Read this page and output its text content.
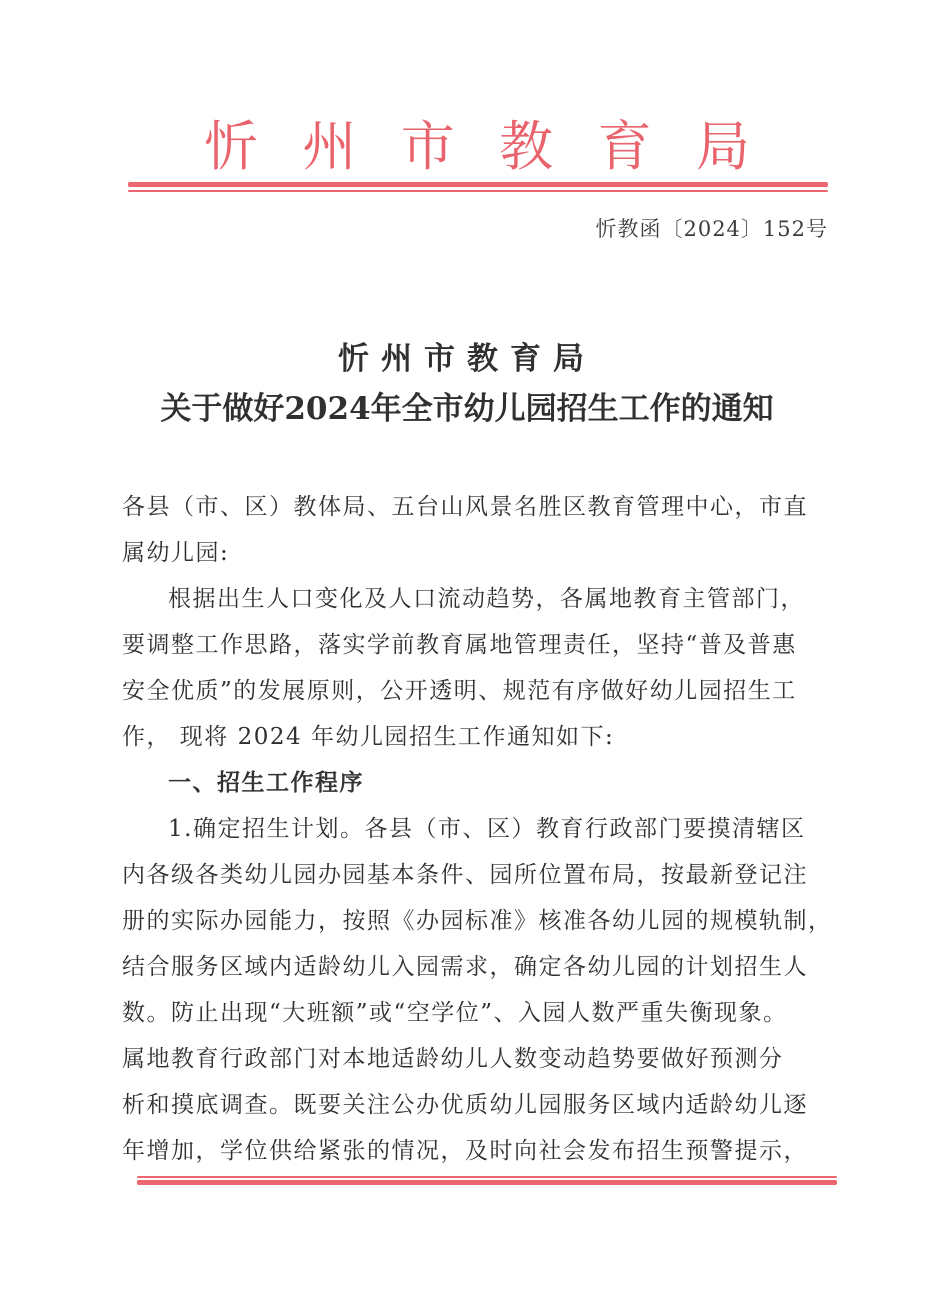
忻 州 市 教 育 局
忻教函〔2024〕152号
忻州市教育局
关于做好2024年全市幼儿园招生工作的通知
各县（市、区）教体局、五台山风景名胜区教育管理中心，市直
属幼儿园:
根据出生人口变化及人口流动趋势，各属地教育主管部门，
要调整工作思路，落实学前教育属地管理责任，坚持“普及普惠
安全优质”的发展原则，公开透明、规范有序做好幼儿园招生工
作， 现将 2024 年幼儿园招生工作通知如下:
一、招生工作程序
1.确定招生计划。各县（市、区）教育行政部门要摸清辖区
内各级各类幼儿园办园基本条件、园所位置布局，按最新登记注
册的实际办园能力，按照《办园标准》核准各幼儿园的规模轨制，
结合服务区域内适龄幼儿入园需求，确定各幼儿园的计划招生人
数。防止出现“大班额”或“空学位”、入园人数严重失衡现象。
属地教育行政部门对本地适龄幼儿人数变动趋势要做好预测分
析和摸底调查。既要关注公办优质幼儿园服务区域内适龄幼儿逐
年增加，学位供给紧张的情况，及时向社会发布招生预警提示，
